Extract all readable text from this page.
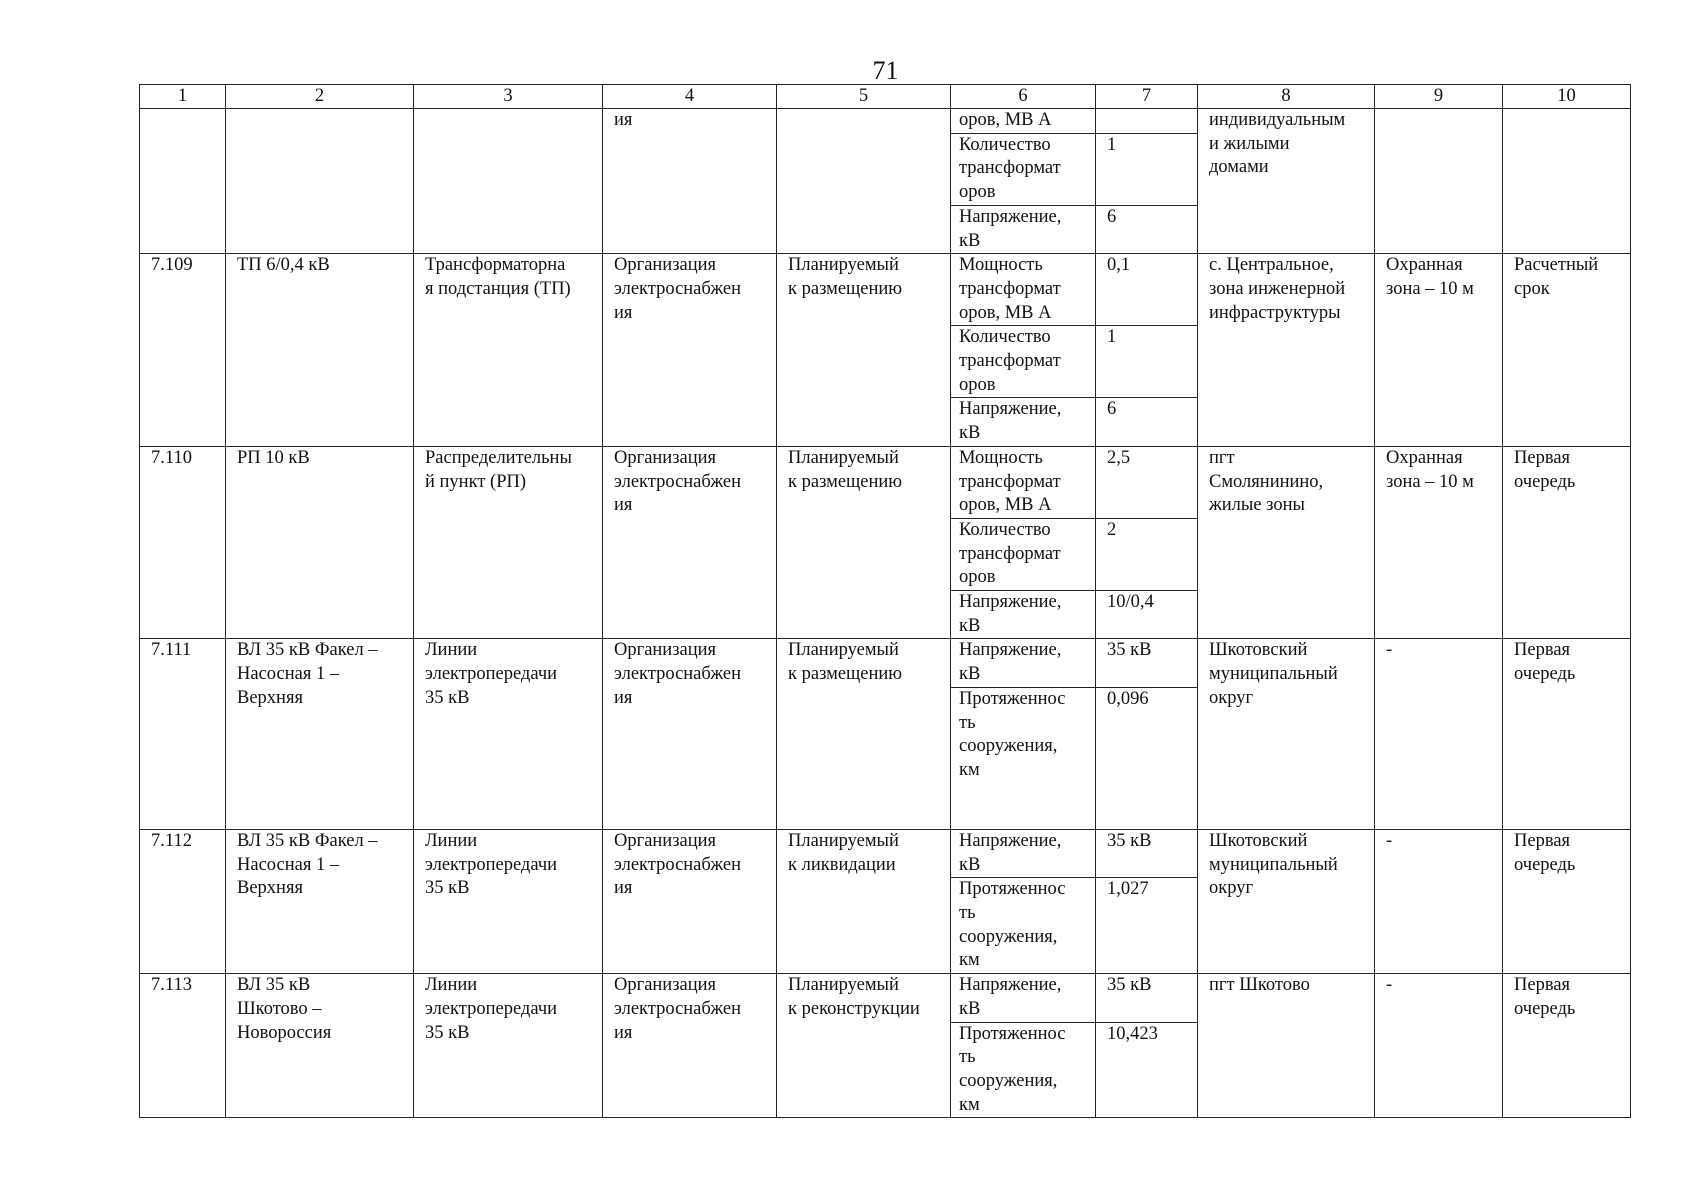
71
1	2	3	4	5	6	7	8	9	10
			ия		оров, МВ А		индивидуальным
и жилыми
домами		
					Количество
трансформат
оров	1			
					Напряжение,
кВ	6			
7.109	ТП 6/0,4 кВ	Трансформаторна
я подстанция (ТП)	Организация
электроснабжен
ия	Планируемый
к размещению	Мощность
трансформат
оров, МВ А	0,1	с. Центральное,
зона инженерной
инфраструктуры	Охранная
зона – 10 м	Расчетный
срок
					Количество
трансформат
оров	1			
					Напряжение,
кВ	6			
7.110	РП 10 кВ	Распределительны
й пункт (РП)	Организация
электроснабжен
ия	Планируемый
к размещению	Мощность
трансформат
оров, МВ А	2,5	пгт
Смолянинино,
жилые зоны	Охранная
зона – 10 м	Первая
очередь
					Количество
трансформат
оров	2			
					Напряжение,
кВ	10/0,4			
7.111	ВЛ 35 кВ Факел –
Насосная 1 –
Верхняя	Линии
электропередачи
35 кВ	Организация
электроснабжен
ия	Планируемый
к размещению	Напряжение,
кВ	35 кВ	Шкотовский
муниципальный
округ	-	Первая
очередь
					Протяженнос
ть
сооружения,
км	0,096			
7.112	ВЛ 35 кВ Факел –
Насосная 1 –
Верхняя	Линии
электропередачи
35 кВ	Организация
электроснабжен
ия	Планируемый
к ликвидации	Напряжение,
кВ	35 кВ	Шкотовский
муниципальный
округ	-	Первая
очередь
					Протяженнос
ть
сооружения,
км	1,027			
7.113	ВЛ 35 кВ
Шкотово –
Новороссия	Линии
электропередачи
35 кВ	Организация
электроснабжен
ия	Планируемый
к реконструкции	Напряжение,
кВ	35 кВ	пгт Шкотово	-	Первая
очередь
					Протяженнос
ть
сооружения,
км	10,423			
